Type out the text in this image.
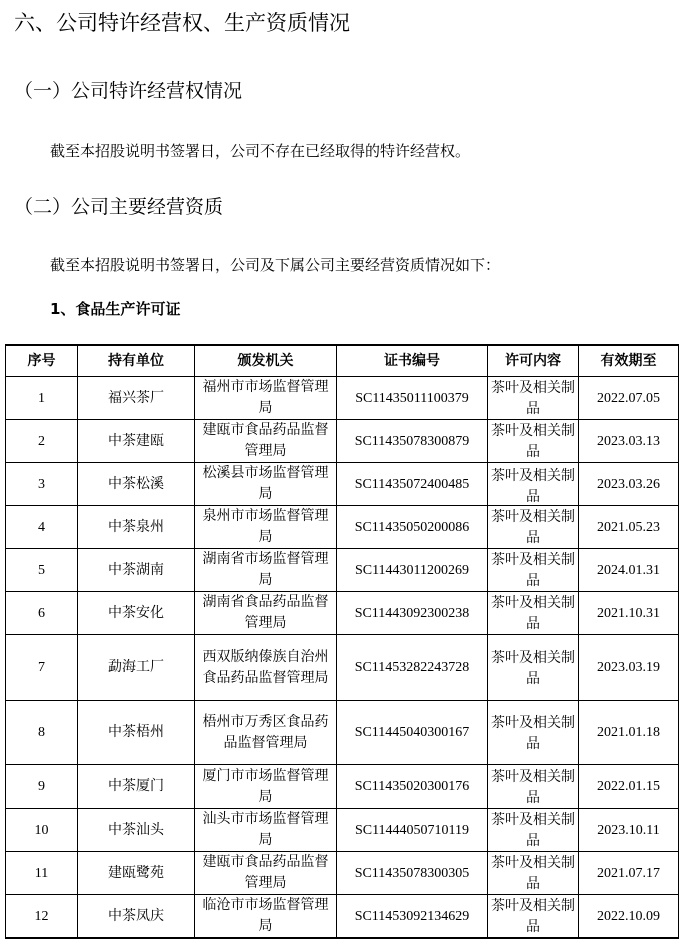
六、公司特许经营权、生产资质情况
（一）公司特许经营权情况
截至本招股说明书签署日，公司不存在已经取得的特许经营权。
（二）公司主要经营资质
截至本招股说明书签署日，公司及下属公司主要经营资质情况如下：
1、食品生产许可证
序号	持有单位	颁发机关	证书编号	许可内容	有效期至
1	福兴茶厂	福州市市场监督管理局	SC11435011100379	茶叶及相关制品	2022.07.05
2	中茶建瓯	建瓯市食品药品监督管理局	SC11435078300879	茶叶及相关制品	2023.03.13
3	中茶松溪	松溪县市场监督管理局	SC11435072400485	茶叶及相关制品	2023.03.26
4	中茶泉州	泉州市市场监督管理局	SC11435050200086	茶叶及相关制品	2021.05.23
5	中茶湖南	湖南省市场监督管理局	SC11443011200269	茶叶及相关制品	2024.01.31
6	中茶安化	湖南省食品药品监督管理局	SC11443092300238	茶叶及相关制品	2021.10.31
7	勐海工厂	西双版纳傣族自治州食品药品监督管理局	SC11453282243728	茶叶及相关制品	2023.03.19
8	中茶梧州	梧州市万秀区食品药品监督管理局	SC11445040300167	茶叶及相关制品	2021.01.18
9	中茶厦门	厦门市市场监督管理局	SC11435020300176	茶叶及相关制品	2022.01.15
10	中茶汕头	汕头市市场监督管理局	SC11444050710119	茶叶及相关制品	2023.10.11
11	建瓯鹭苑	建瓯市食品药品监督管理局	SC11435078300305	茶叶及相关制品	2021.07.17
12	中茶凤庆	临沧市市场监督管理局	SC11453092134629	茶叶及相关制品	2022.10.09
